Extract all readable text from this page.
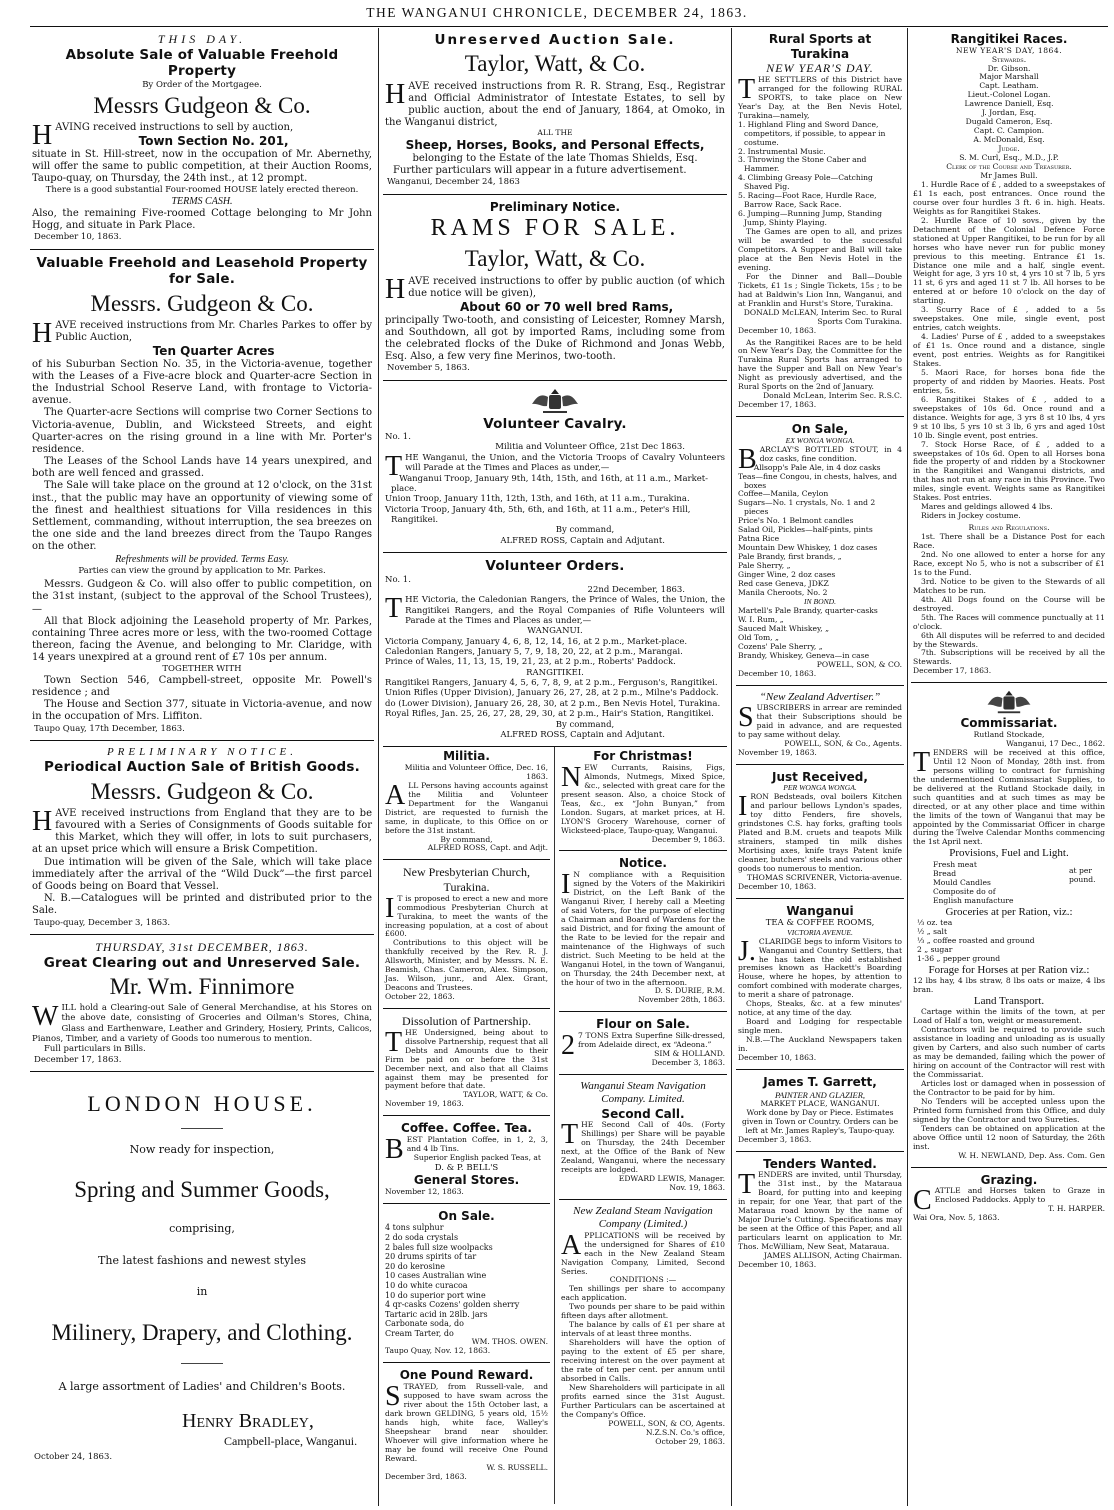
THE WANGANUI CHRONICLE, DECEMBER 24, 1863.
THIS DAY.
Absolute Sale of Valuable Freehold Property
By Order of the Mortgagee.
Messrs Gudgeon & Co.

HAVING received instructions to sell by auction,

Town Section No. 201,

situate in St. Hill-street, now in the occupation of Mr. Abernethy, will offer the same to public competition, at their Auction Rooms, Taupo-quay, on Thursday, the 24th inst., at 12 prompt.

There is a good substantial Four-roomed HOUSE lately erected thereon.
TERMS CASH.

Also, the remaining Five-roomed Cottage belonging to Mr John Hogg, and situate in Park Place.

December 10, 1863.
Valuable Freehold and Leasehold Property for Sale.
Messrs. Gudgeon & Co.

HAVE received instructions from Mr. Charles Parkes to offer by Public Auction,

Ten Quarter Acres

of his Suburban Section No. 35, in the Victoria-avenue, together with the Leases of a Five-acre block and Quarter-acre Section in the Industrial School Reserve Land, with frontage to Victoria-avenue.

The Quarter-acre Sections will comprise two Corner Sections to Victoria-avenue, Dublin, and Wicksteed Streets, and eight Quarter-acres on the rising ground in a line with Mr. Porter's residence.

The Leases of the School Lands have 14 years unexpired, and both are well fenced and grassed.

The Sale will take place on the ground at 12 o'clock, on the 31st inst., that the public may have an opportunity of viewing some of the finest and healthiest situations for Villa residences in this Settlement, commanding, without interruption, the sea breezes on the one side and the land breezes direct from the Taupo Ranges on the other.

Refreshments will be provided. Terms Easy.
Parties can view the ground by application to Mr. Parkes.

Messrs. Gudgeon & Co. will also offer to public competition, on the 31st instant, (subject to the approval of the School Trustees),—

All that Block adjoining the Leasehold property of Mr. Parkes, containing Three acres more or less, with the two-roomed Cottage thereon, facing the Avenue, and belonging to Mr. Claridge, with 14 years unexpired at a ground rent of £7 10s per annum.

TOGETHER WITH

Town Section 546, Campbell-street, opposite Mr. Powell's residence ; and

The House and Section 377, situate in Victoria-avenue, and now in the occupation of Mrs. Liffiton.

Taupo Quay, 17th December, 1863.
PRELIMINARY NOTICE.
Periodical Auction Sale of British Goods.
Messrs. Gudgeon & Co.

HAVE received instructions from England that they are to be favoured with a Series of Consignments of Goods suitable for this Market, which they will offer, in lots to suit purchasers, at an upset price which will ensure a Brisk Competition.

Due intimation will be given of the Sale, which will take place immediately after the arrival of the “Wild Duck”—the first parcel of Goods being on Board that Vessel.

N. B.—Catalogues will be printed and distributed prior to the Sale.

Taupo-quay, December 3, 1863.
THURSDAY, 31st DECEMBER, 1863.
Great Clearing out and Unreserved Sale.
Mr. Wm. Finnimore

WILL hold a Clearing-out Sale of General Merchandise, at his Stores on the above date, consisting of Groceries and Oilman's Stores, China, Glass and Earthenware, Leather and Grindery, Hosiery, Prints, Calicos, Pianos, Timber, and a variety of Goods too numerous to mention.

Full particulars in Bills.
December 17, 1863.
LONDON HOUSE.
Now ready for inspection,
Spring and Summer Goods,
comprising,
The latest fashions and newest styles
in
Milinery, Drapery, and Clothing.
A large assortment of Ladies' and Children's Boots.
Henry Bradley,
Campbell-place, Wanganui.
October 24, 1863.
Unreserved Auction Sale.
Taylor, Watt, & Co.

HAVE received instructions from R. R. Strang, Esq., Registrar and Official Administrator of Intestate Estates, to sell by public auction, about the end of January, 1864, at Omoko, in the Wanganui district,

ALL THE
Sheep, Horses, Books, and Personal Effects,
belonging to the Estate of the late Thomas Shields, Esq.

Further particulars will appear in a future advertisement.

Wanganui, December 24, 1863
Preliminary Notice.
RAMS FOR SALE.
Taylor, Watt, & Co.

HAVE received instructions to offer by public auction (of which due notice will be given),

About 60 or 70 well bred Rams,

principally Two-tooth, and consisting of Leicester, Romney Marsh, and Southdown, all got by imported Rams, including some from the celebrated flocks of the Duke of Richmond and Jonas Webb, Esq. Also, a few very fine Merinos, two-tooth.

November 5, 1863.
Volunteer Cavalry.
No. 1.
Militia and Volunteer Office, 21st Dec 1863.

THE Wanganui, the Union, and the Victoria Troops of Cavalry Volunteers will Parade at the Times and Places as under,—

Wanganui Troop, January 9th, 14th, 15th, and 16th, at 11 a.m., Market-place.
Union Troop, January 11th, 12th, 13th, and 16th, at 11 a.m., Turakina.
Victoria Troop, January 4th, 5th, 6th, and 16th, at 11 a.m., Peter's Hill, Rangitikei.
By command,
ALFRED ROSS, Captain and Adjutant.
Volunteer Orders.
No. 1.
22nd December, 1863.

THE Victoria, the Caledonian Rangers, the Prince of Wales, the Union, the Rangitikei Rangers, and the Royal Companies of Rifle Volunteers will Parade at the Times and Places as under,—

WANGANUI.
Victoria Company, January 4, 6, 8, 12, 14, 16, at 2 p.m., Market-place.
Caledonian Rangers, January 5, 7, 9, 18, 20, 22, at 2 p.m., Marangai.
Prince of Wales, 11, 13, 15, 19, 21, 23, at 2 p.m., Roberts' Paddock.
RANGITIKEI.
Rangitikei Rangers, January 4, 5, 6, 7, 8, 9, at 2 p.m., Ferguson's, Rangitikei.
Union Rifles (Upper Division), January 26, 27, 28, at 2 p.m., Milne's Paddock.
do (Lower Division), January 26, 28, 30, at 2 p.m., Ben Nevis Hotel, Turakina.
Royal Rifles, Jan. 25, 26, 27, 28, 29, 30, at 2 p.m., Hair's Station, Rangitikei.
By command,
ALFRED ROSS, Captain and Adjutant.
Militia.
Militia and Volunteer Office, Dec. 16, 1863.

ALL Persons having accounts against the Militia and Volunteer Department for the Wanganui District, are requested to furnish the same, in duplicate, to this Office on or before the 31st instant.

By command,
ALFRED ROSS, Capt. and Adjt.
New Presbyterian Church, Turakina.

IT is proposed to erect a new and more commodious Presbyterian Church at Turakina, to meet the wants of the increasing population, at a cost of about £600.

Contributions to this object will be thankfully received by the Rev. R. J. Allsworth, Minister, and by Messrs. N. E. Beamish, Chas. Cameron, Alex. Simpson, Jas. Wilson, junr., and Alex. Grant, Deacons and Trustees.

October 22, 1863.
Dissolution of Partnership.

THE Undersigned, being about to dissolve Partnership, request that all Debts and Amounts due to their Firm be paid on or before the 31st December next, and also that all Claims against them may be presented for payment before that date.

TAYLOR, WATT, & Co.
November 19, 1863.
Coffee. Coffee. Tea.

BEST Plantation Coffee, in 1, 2, 3, and 4 lb Tins.

Superior English packed Teas, at
D. & P. BELL'S
General Stores.
November 12, 1863.
On Sale.
4 tons sulphur
2 do soda crystals
2 bales full size woolpacks
20 drums spirits of tar
20 do kerosine
10 cases Australian wine
10 do white curacoa
10 do superior port wine
4 qr-casks Cozens' golden sherry
Tartaric acid in 28lb. jars
Carbonate soda, do
Cream Tarter, do
WM. THOS. OWEN.
Taupo Quay, Nov. 12, 1863.
One Pound Reward.

STRAYED, from Russell-vale, and supposed to have swam across the river about the 15th October last, a dark brown GELDING, 5 years old, 15½ hands high, white face, Walley's Sheepshear brand near shoulder. Whoever will give information where he may be found will receive One Pound Reward.

W. S. RUSSELL.
December 3rd, 1863.
For Christmas!

NEW Currants, Raisins, Figs, Almonds, Nutmegs, Mixed Spice, &c., selected with great care for the present season. Also, a choice Stock of Teas, &c., ex “John Bunyan,” from London. Sugars, at market prices, at H. LYON'S Grocery Warehouse, corner of Wicksteed-place, Taupo-quay, Wanganui.

December 9, 1863.
Notice.

IN compliance with a Requisition signed by the Voters of the Makirikiri District, on the Left Bank of the Wanganui River, I hereby call a Meeting of said Voters, for the purpose of electing a Chairman and Board of Wardens for the said District, and for fixing the amount of the Rate to be levied for the repair and maintenance of the Highways of such district. Such Meeting to be held at the Wanganui Hotel, in the town of Wanganui, on Thursday, the 24th December next, at the hour of two in the afternoon.

D. S. DURIE, R.M.
November 28th, 1863.
Flour on Sale.

27 TONS Extra Superfine Silk-dressed, from Adelaide direct, ex “Adeona.”

SIM & HOLLAND.
December 3, 1863.
Wanganui Steam Navigation Company. Limited.
Second Call.

THE Second Call of 40s. (Forty Shillings) per Share will be payable on Thursday, the 24th December next, at the Office of the Bank of New Zealand, Wanganui, where the necessary receipts are lodged.

EDWARD LEWIS, Manager.
Nov. 19, 1863.
New Zealand Steam Navigation Company (Limited.)

APPLICATIONS will be received by the undersigned for Shares of £10 each in the New Zealand Steam Navigation Company, Limited, Second Series.

CONDITIONS :—

Ten shillings per share to accompany each application.

Two pounds per share to be paid within fifteen days after allotment.

The balance by calls of £1 per share at intervals of at least three months.

Shareholders will have the option of paying to the extent of £5 per share, receiving interest on the over payment at the rate of ten per cent. per annum until absorbed in Calls.

New Shareholders will participate in all profits earned since the 31st August. Further Particulars can be ascertained at the Company's Office.

POWELL, SON, & CO, Agents.
N.Z.S.N. Co.'s office,
October 29, 1863.
Rural Sports at Turakina
NEW YEAR'S DAY.

THE SETTLERS of this District have arranged for the following RURAL SPORTS, to take place on New Year's Day, at the Ben Nevis Hotel, Turakina—namely,

1. Highland Fling and Sword Dance, competitors, if possible, to appear in costume.
2. Instrumental Music.
3. Throwing the Stone Caber and Hammer.
4. Climbing Greasy Pole—Catching Shaved Pig.
5. Racing—Foot Race, Hurdle Race, Barrow Race, Sack Race.
6. Jumping—Running Jump, Standing Jump, Shinty Playing.

The Games are open to all, and prizes will be awarded to the successful Competitors. A Supper and Ball will take place at the Ben Nevis Hotel in the evening.

For the Dinner and Ball—Double Tickets, £1 1s ; Single Tickets, 15s ; to be had at Baldwin's Lion Inn, Wanganui, and at Franklin and Hurst's Store, Turakina.

DONALD McLEAN, Interim Sec. to Rural Sports Com Turakina.
December 10, 1863.

As the Rangitikei Races are to be held on New Year's Day, the Committee for the Turakina Rural Sports has arranged to have the Supper and Ball on New Year's Night as previously advertised, and the Rural Sports on the 2nd of January.

Donald McLean, Interim Sec. R.S.C.
December 17, 1863.
On Sale,
EX WONGA WONGA.

BARCLAY'S BOTTLED STOUT, in 4 doz casks, fine condition.

Allsopp's Pale Ale, in 4 doz casks
Teas—fine Congou, in chests, halves, and boxes
Coffee—Manila, Ceylon
Sugars—No. 1 crystals, No. 1 and 2 pieces
Price's No. 1 Belmont candles
Salad Oil, Pickles—half-pints, pints
Patna Rice
Mountain Dew Whiskey, 1 doz cases
Pale Brandy, first brands, „
Pale Sherry, „
Ginger Wine, 2 doz cases
Red case Geneva, JDKZ
Manila Cheroots, No. 2
IN BOND.
Martell's Pale Brandy, quarter-casks
W. I. Rum, „
Sauced Malt Whiskey, „
Old Tom, „
Cozens' Pale Sherry, „
Brandy, Whiskey, Geneva—in case
POWELL, SON, & CO.
December 10, 1863.
“New Zealand Advertiser.”

SUBSCRIBERS in arrear are reminded that their Subscriptions should be paid in advance, and are requested to pay same without delay.

POWELL, SON, & Co., Agents.
November 19, 1863.
Just Received,
PER WONGA WONGA.

IRON Bedsteads, oval boilers Kitchen and parlour bellows Lyndon's spades, toy ditto Fenders, fire shovels, grindstones C.S. hay forks, grafting tools Plated and B.M. cruets and teapots Milk strainers, stamped tin milk dishes Mortising axes, knife trays Patent knife cleaner, butchers' steels and various other goods too numerous to mention.

THOMAS SCRIVENER, Victoria-avenue.
December 10, 1863.
Wanganui
TEA & COFFEE ROOMS,
VICTORIA AVENUE.

J.CLARIDGE begs to inform Visitors to Wanganui and Country Settlers, that he has taken the old established premises known as Hackett's Boarding House, where he hopes, by attention to comfort combined with moderate charges, to merit a share of patronage.

Chops, Steaks, &c. at a few minutes' notice, at any time of the day.

Board and Lodging for respectable single men.

N.B.—The Auckland Newspapers taken in.

December 10, 1863.
James T. Garrett,
PAINTER AND GLAZIER,
MARKET PLACE, WANGANUI.
Work done by Day or Piece. Estimates given in Town or Country. Orders can be left at Mr. James Rapley's, Taupo-quay.
December 3, 1863.
Tenders Wanted.

TENDERS are invited, until Thursday, the 31st inst., by the Mataraua Board, for putting into and keeping in repair, for one Year, that part of the Mataraua road known by the name of Major Durie's Cutting. Specifications may be seen at the Office of this Paper, and all particulars learnt on application to Mr. Thos. McWilliam, New Seat, Mataraua.

JAMES ALLISON, Acting Chairman.
December 10, 1863.
Rangitikei Races.
NEW YEAR'S DAY, 1864.
Stewards.
Dr. Gibson.
Major Marshall
Capt. Leatham.
Lieut.-Colonel Logan.
Lawrence Daniell, Esq.
J. Jordan, Esq.
Dugald Cameron, Esq.
Capt. C. Campion.
A. McDonald, Esq.
Judge.
S. M. Curl, Esq., M.D., J.P.
Clerk of the Course and Treasurer.
Mr James Bull.
1. Hurdle Race of £ , added to a sweepstakes of £1 1s each, post entrances. Once round the course over four hurdles 3 ft. 6 in. high. Heats. Weights as for Rangitikei Stakes.
2. Hurdle Race of 10 sovs., given by the Detachment of the Colonial Defence Force stationed at Upper Rangitikei, to be run for by all horses who have never run for public money previous to this meeting. Entrance £1 1s. Distance one mile and a half, single event. Weight for age, 3 yrs 10 st, 4 yrs 10 st 7 lb, 5 yrs 11 st, 6 yrs and aged 11 st 7 lb. All horses to be entered at or before 10 o'clock on the day of starting.
3. Scurry Race of £ , added to a 5s sweepstakes. One mile, single event, post entries, catch weights.
4. Ladies' Purse of £ , added to a sweepstakes of £1 1s. Once round and a distance, single event, post entries. Weights as for Rangitikei Stakes.
5. Maori Race, for horses bona fide the property of and ridden by Maories. Heats. Post entries, 5s.
6. Rangitikei Stakes of £ , added to a sweepstakes of 10s 6d. Once round and a distance. Weights for age, 3 yrs 8 st 10 lbs, 4 yrs 9 st 10 lbs, 5 yrs 10 st 3 lb, 6 yrs and aged 10st 10 lb. Single event, post entries.
7. Stock Horse Race, of £ , added to a sweepstakes of 10s 6d. Open to all Horses bona fide the property of and ridden by a Stockowner in the Rangitikei and Wanganui districts, and that has not run at any race in this Province. Two miles, single event. Weights same as Rangitikei Stakes. Post entries.
Mares and geldings allowed 4 lbs.
Riders in Jockey costume.
Rules and Regulations.
1st. There shall be a Distance Post for each Race.
2nd. No one allowed to enter a horse for any Race, except No 5, who is not a subscriber of £1 1s to the Fund.
3rd. Notice to be given to the Stewards of all Matches to be run.
4th. All Dogs found on the Course will be destroyed.
5th. The Races will commence punctually at 11 o'clock.
6th All disputes will be referred to and decided by the Stewards.
7th. Subscriptions will be received by all the Stewards.
December 17, 1863.
Commissariat.
Rutland Stockade,
Wanganui, 17 Dec., 1862.

TENDERS will be received at this office, Until 12 Noon of Monday, 28th inst. from persons willing to contract for furnishing the undermentioned Commissariat Supplies, to be delivered at the Rutland Stockade daily, in such quantities and at such times as may be directed, or at any other place and time within the limits of the town of Wanganui that may be appointed by the Commissariat Officer in charge during the Twelve Calendar Months commencing the 1st April next.

Provisions, Fuel and Light.
Fresh meat
Bread
Mould Candles
Composite do of
English manufacture
at per pound.
Groceries at per Ration, viz.:
⅓ oz. tea
½ „ salt
⅓ „ coffee roasted and ground
2 „ sugar
1-36 „ pepper ground
Forage for Horses at per Ration viz.:

12 lbs hay, 4 lbs straw, 8 lbs oats or maize, 4 lbs bran.

Land Transport.

Cartage within the limits of the town, at per Load of Half a ton, weight or measurement.

Contractors will be required to provide such assistance in loading and unloading as is usually given by Carters, and also such number of carts as may be demanded, failing which the power of hiring on account of the Contractor will rest with the Commissariat.

Articles lost or damaged when in possession of the Contractor to be paid for by him.

No Tenders will be accepted unless upon the Printed form furnished from this Office, and duly signed by the Contractor and two Sureties.

Tenders can be obtained on application at the above Office until 12 noon of Saturday, the 26th inst.

W. H. NEWLAND, Dep. Ass. Com. Gen
Grazing.

CATTLE and Horses taken to Graze in Enclosed Paddocks. Apply to

T. H. HARPER.
Wai Ora, Nov. 5, 1863.
